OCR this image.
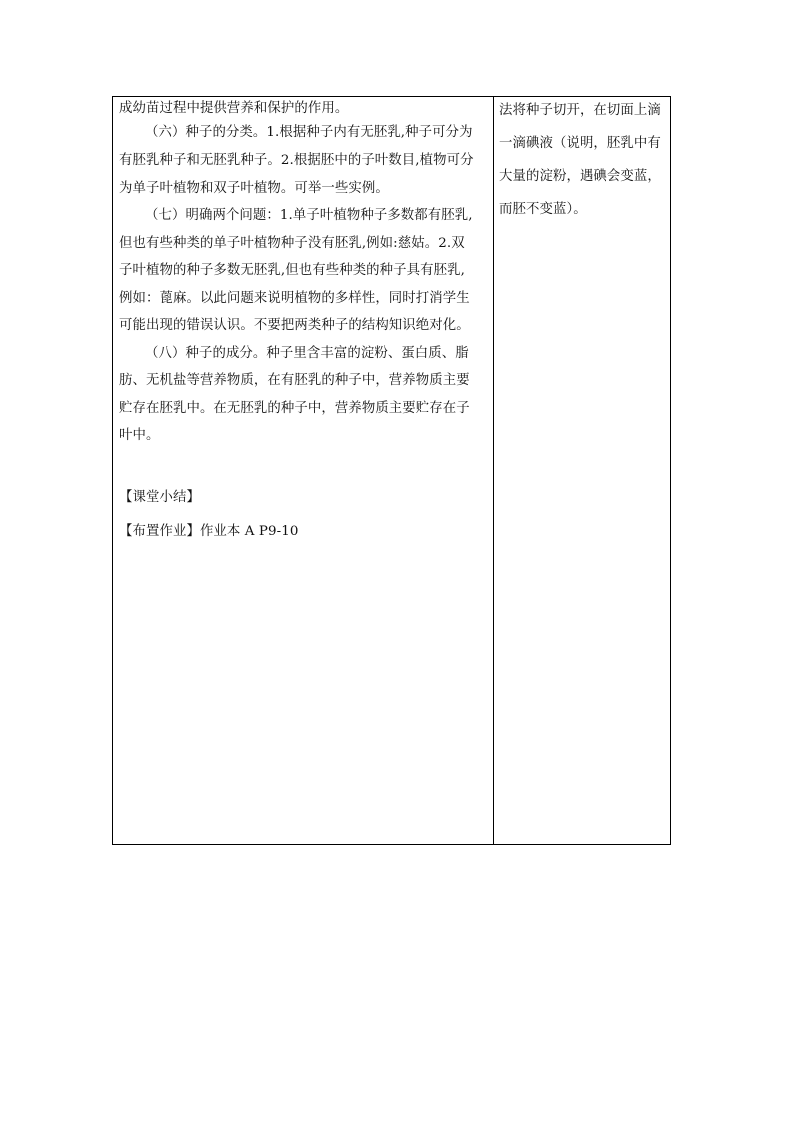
成幼苗过程中提供营养和保护的作用。
（六）种子的分类。1.根据种子内有无胚乳,种子可分为
有胚乳种子和无胚乳种子。2.根据胚中的子叶数目,植物可分
为单子叶植物和双子叶植物。可举一些实例。
（七）明确两个问题：1.单子叶植物种子多数都有胚乳,
但也有些种类的单子叶植物种子没有胚乳,例如:慈姑。2.双
子叶植物的种子多数无胚乳,但也有些种类的种子具有胚乳,
例如：蓖麻。以此问题来说明植物的多样性，同时打消学生
可能出现的错误认识。不要把两类种子的结构知识绝对化。
（八）种子的成分。种子里含丰富的淀粉、蛋白质、脂
肪、无机盐等营养物质，在有胚乳的种子中，营养物质主要
贮存在胚乳中。在无胚乳的种子中，营养物质主要贮存在子
叶中。
【课堂小结】
【布置作业】作业本 A P9-10
法将种子切开，在切面上滴
一滴碘液（说明，胚乳中有
大量的淀粉，遇碘会变蓝，
而胚不变蓝）。
